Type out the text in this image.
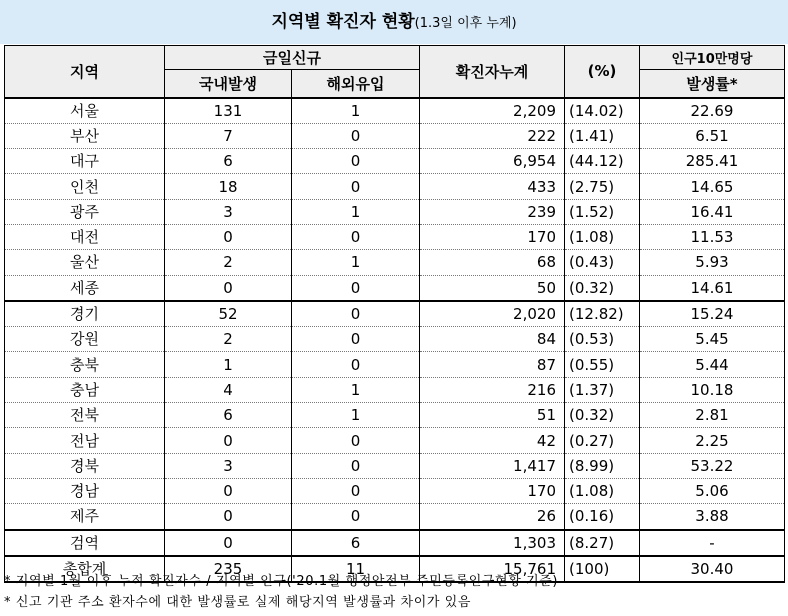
지역별 확진자 현황(1.3일 이후 누계)
지역	금일신규		확진자누계	(%)	인구10만명당
	국내발생	해외유입			발생률*
서울	131	1	2,209	(14.02)	22.69
부산	7	0	222	(1.41)	6.51
대구	6	0	6,954	(44.12)	285.41
인천	18	0	433	(2.75)	14.65
광주	3	1	239	(1.52)	16.41
대전	0	0	170	(1.08)	11.53
울산	2	1	68	(0.43)	5.93
세종	0	0	50	(0.32)	14.61
경기	52	0	2,020	(12.82)	15.24
강원	2	0	84	(0.53)	5.45
충북	1	0	87	(0.55)	5.44
충남	4	1	216	(1.37)	10.18
전북	6	1	51	(0.32)	2.81
전남	0	0	42	(0.27)	2.25
경북	3	0	1,417	(8.99)	53.22
경남	0	0	170	(1.08)	5.06
제주	0	0	26	(0.16)	3.88
검역	0	6	1,303	(8.27)	-
총합계	235	11	15,761	(100)	30.40
* 지역별 1월 이후 누적 확진자수 / 지역별 인구('20.1월 행정안전부 주민등록인구현황 기준)
* 신고 기관 주소 환자수에 대한 발생률로 실제 해당지역 발생률과 차이가 있음
